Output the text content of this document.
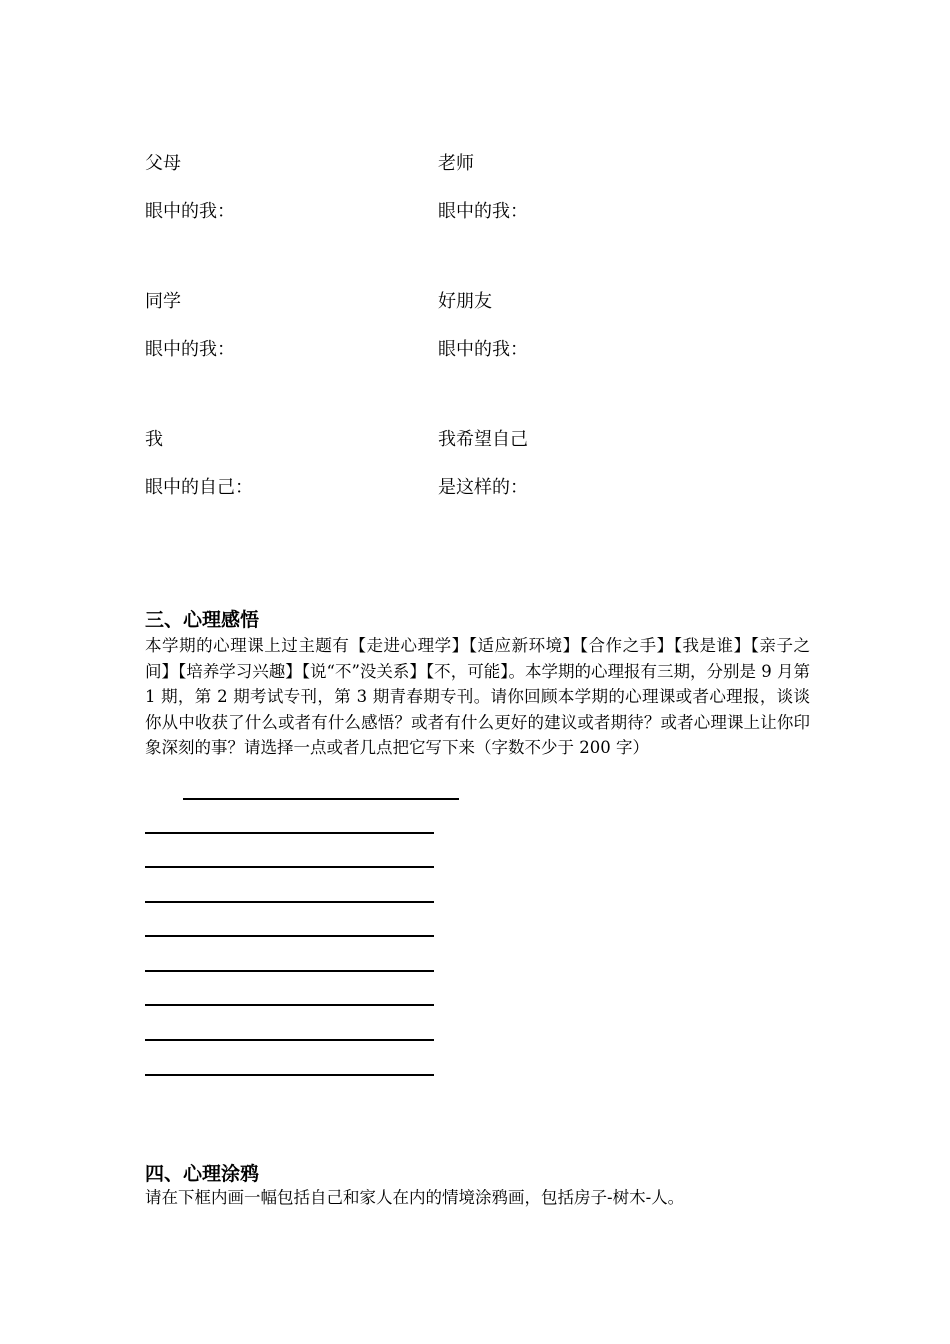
父母
眼中的我：
老师
眼中的我：
同学
眼中的我：
好朋友
眼中的我：
我
眼中的自己：
我希望自己
是这样的：
三、心理感悟
本学期的心理课上过主题有【走进心理学】【适应新环境】【合作之手】【我是谁】【亲子之间】【培养学习兴趣】【说“不”没关系】【不，可能】。本学期的心理报有三期，分别是 9 月第 1 期，第 2 期考试专刊，第 3 期青春期专刊。请你回顾本学期的心理课或者心理报，谈谈你从中收获了什么或者有什么感悟？或者有什么更好的建议或者期待？或者心理课上让你印象深刻的事？请选择一点或者几点把它写下来（字数不少于 200 字）
四、心理涂鸦
请在下框内画一幅包括自己和家人在内的情境涂鸦画，包括房子-树木-人。
